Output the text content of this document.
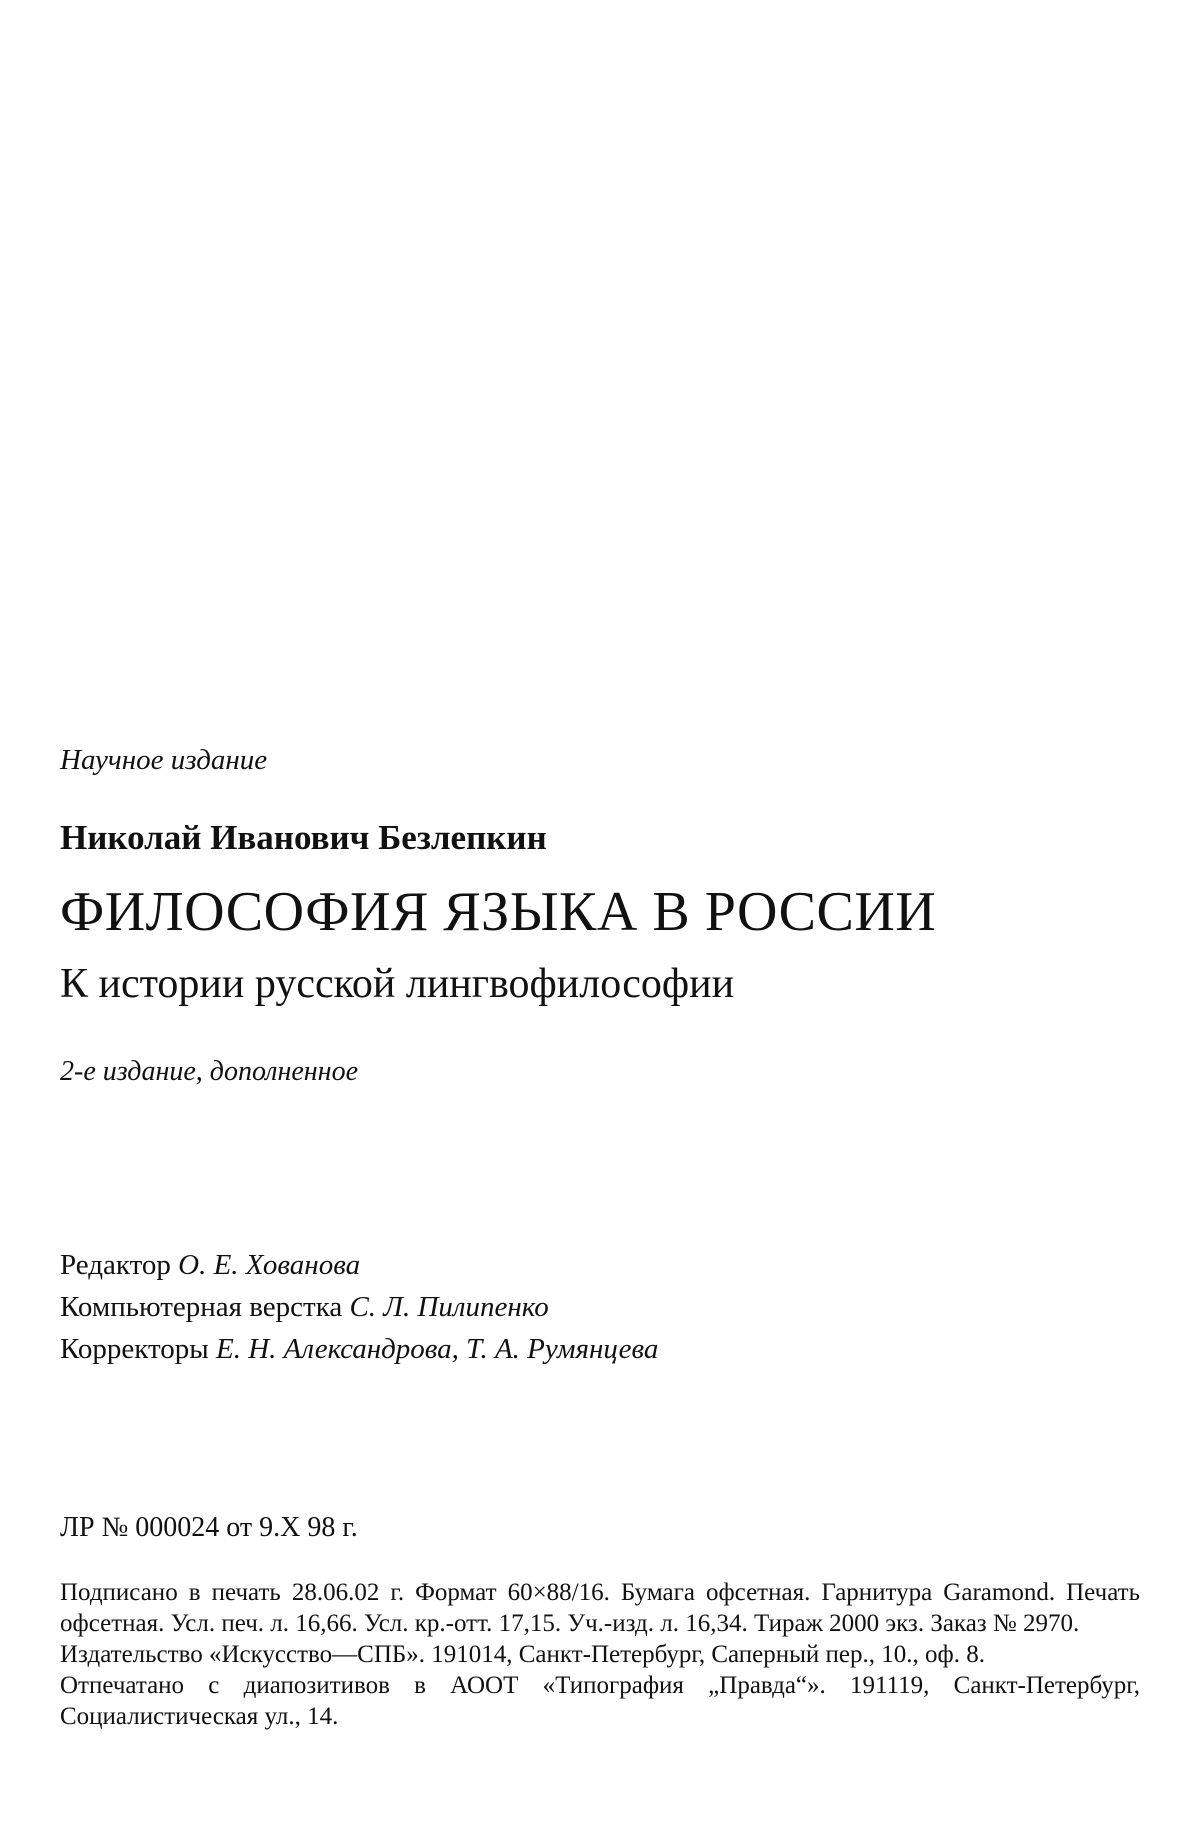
Научное издание
Николай Иванович Безлепкин
ФИЛОСОФИЯ ЯЗЫКА В РОССИИ
К истории русской лингвофилософии
2-е издание, дополненное
Редактор О. Е. Хованова
Компьютерная верстка С. Л. Пилипенко
Корректоры Е. Н. Александрова, Т. А. Румянцева
ЛР № 000024 от 9.Х 98 г.
Подписано в печать 28.06.02 г. Формат 60×88/16. Бумага офсетная. Гарнитура Garamond. Печать офсетная. Усл. печ. л. 16,66. Усл. кр.-отт. 17,15. Уч.-изд. л. 16,34. Тираж 2000 экз. Заказ № 2970.
Издательство «Искусство—СПБ». 191014, Санкт-Петербург, Саперный пер., 10., оф. 8.
Отпечатано с диапозитивов в АООТ «Типография „Правда“». 191119, Санкт-Петербург, Социалистическая ул., 14.
